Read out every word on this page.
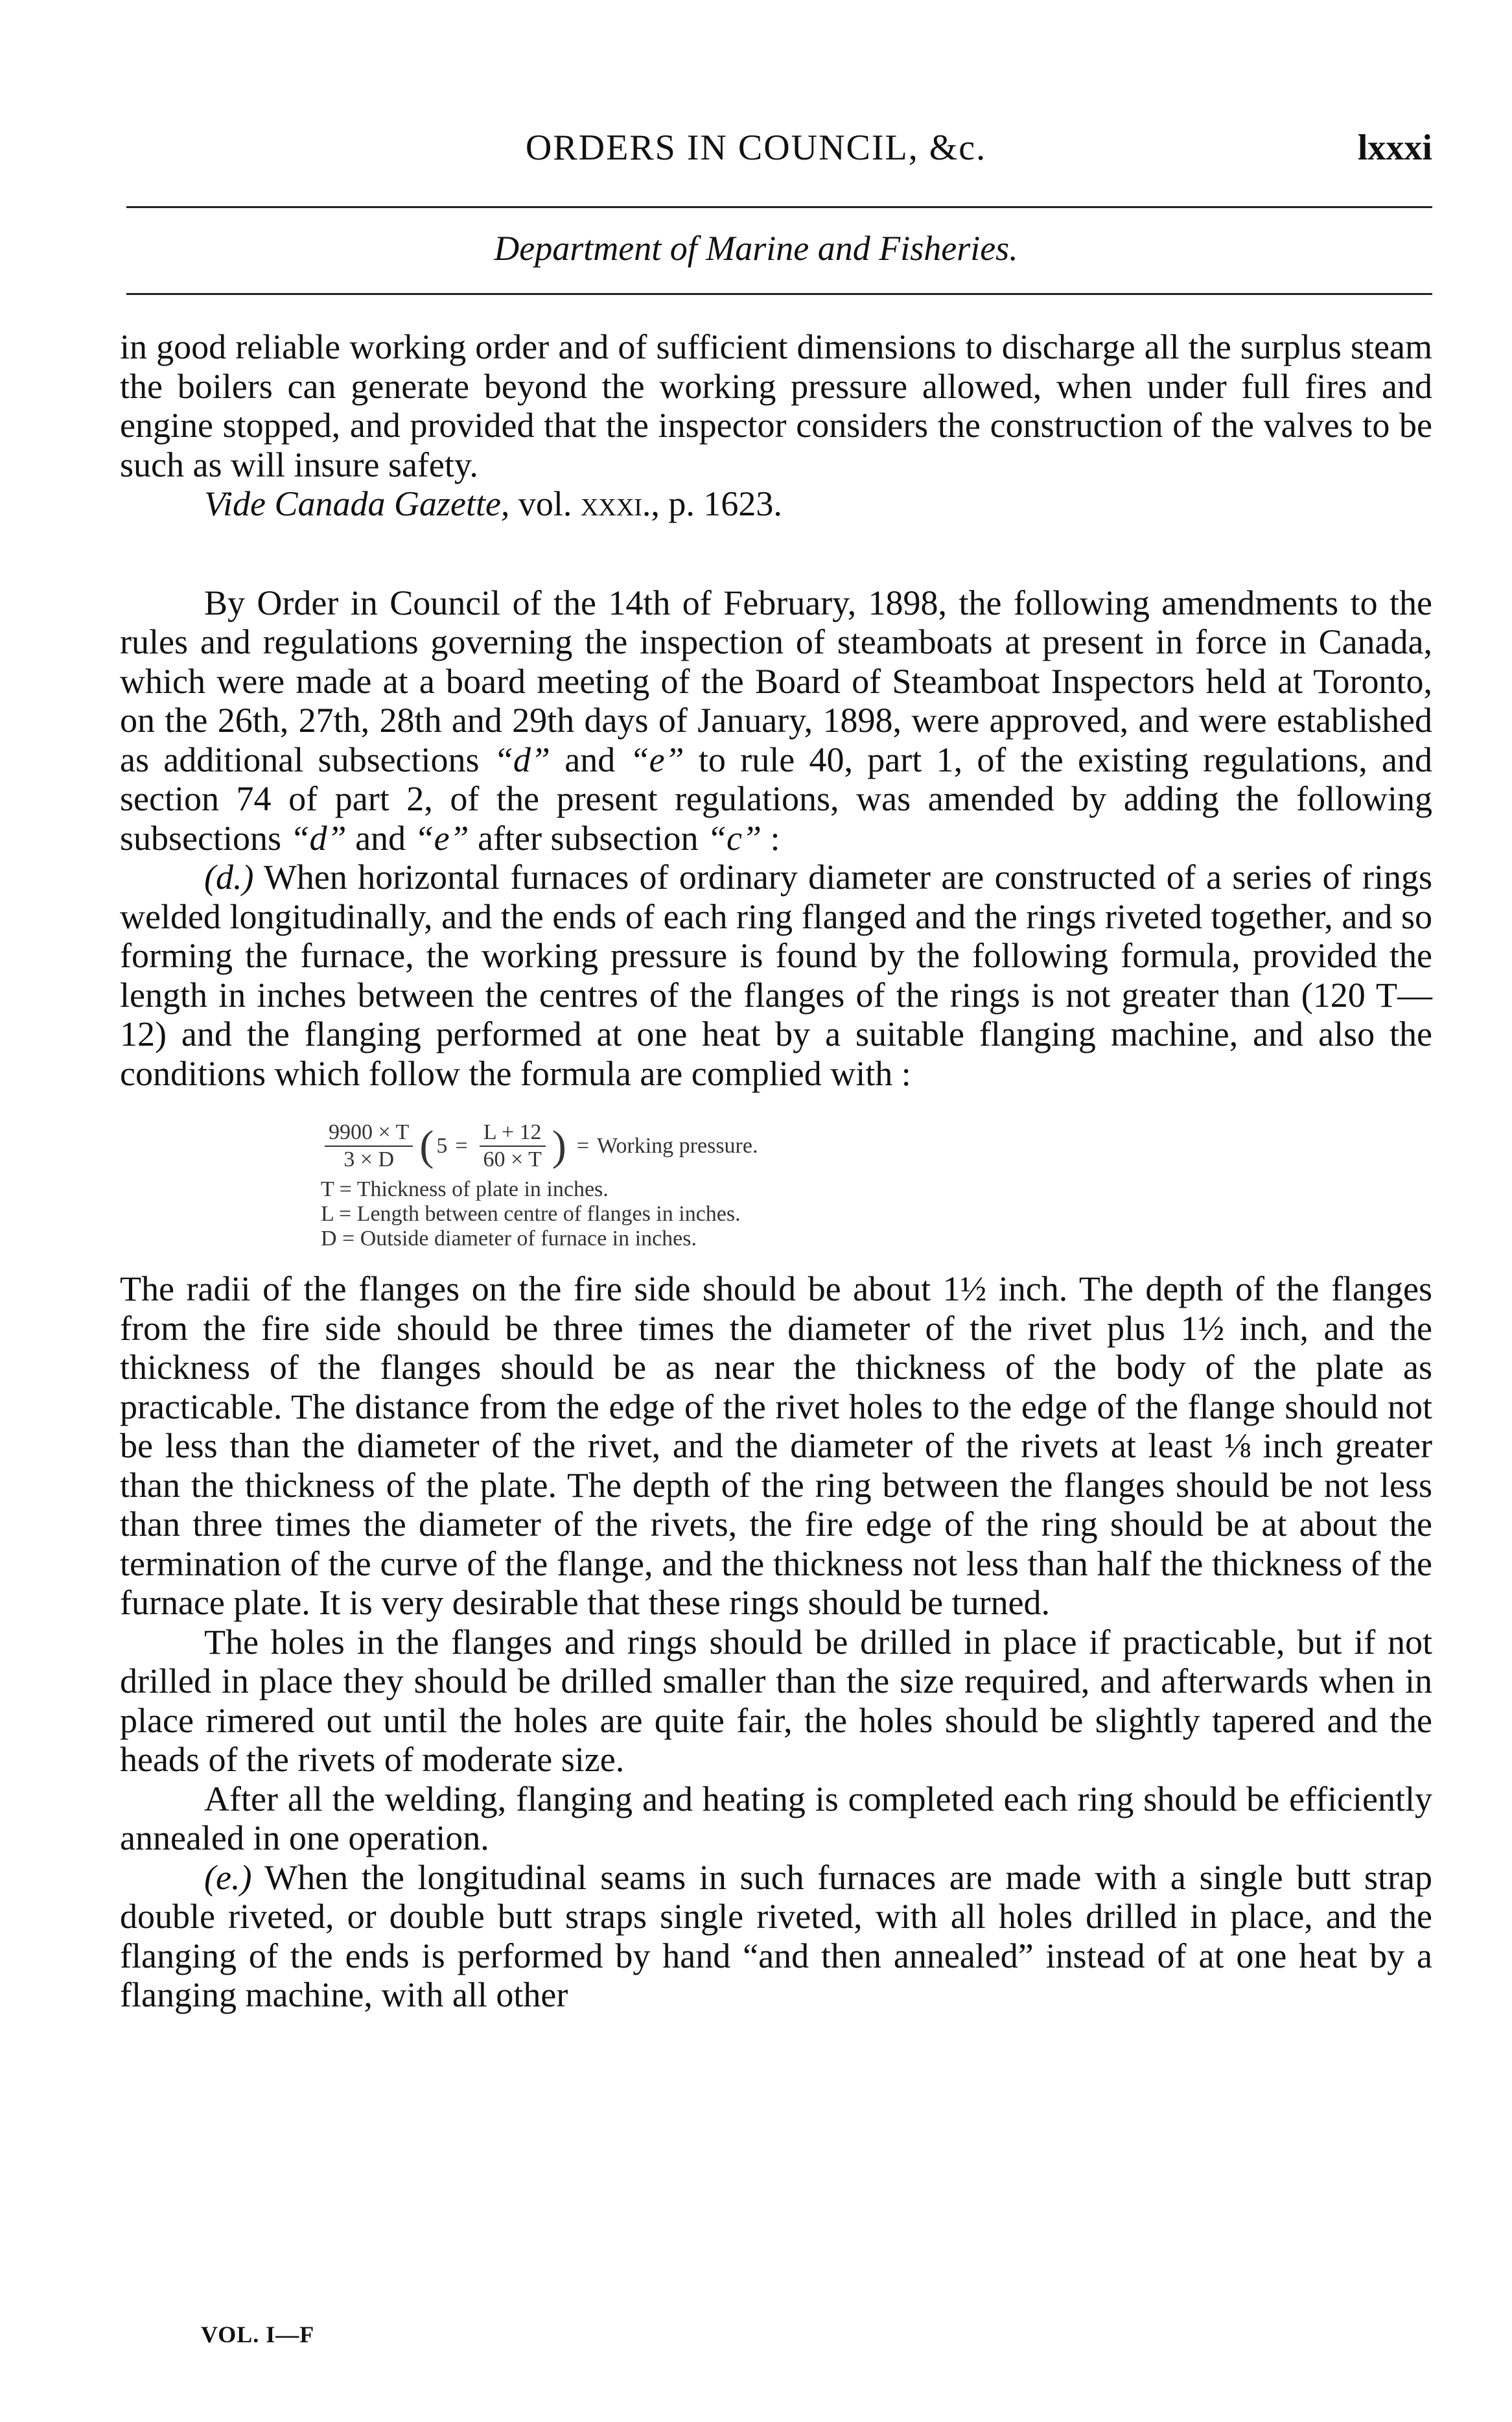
ORDERS IN COUNCIL, &c.	lxxxi
Department of Marine and Fisheries.

in good reliable working order and of sufficient dimensions to discharge all the surplus steam the boilers can generate beyond the working pressure allowed, when under full fires and engine stopped, and provided that the inspector considers the construction of the valves to be such as will insure safety.

Vide Canada Gazette, vol. xxxi., p. 1623.

By Order in Council of the 14th of February, 1898, the following amendments to the rules and regulations governing the inspection of steamboats at present in force in Canada, which were made at a board meeting of the Board of Steamboat Inspectors held at Toronto, on the 26th, 27th, 28th and 29th days of January, 1898, were approved, and were established as additional subsections “d” and “e” to rule 40, part 1, of the existing regulations, and section 74 of part 2, of the present regulations, was amended by adding the following subsections “d” and “e” after subsection “c” :

(d.) When horizontal furnaces of ordinary diameter are constructed of a series of rings welded longitudinally, and the ends of each ring flanged and the rings riveted together, and so forming the furnace, the working pressure is found by the following formula, provided the length in inches between the centres of the flanges of the rings is not greater than (120 T—12) and the flanging performed at one heat by a suitable flanging machine, and also the conditions which follow the formula are complied with :

$\frac{9900 \times T}{3 \times D}$ ( $5 = \frac{L + 12}{60 \times T}$ ) = Working pressure.
T = Thickness of plate in inches.
L = Length between centre of flanges in inches.
D = Outside diameter of furnace in inches.

The radii of the flanges on the fire side should be about 1½ inch. The depth of the flanges from the fire side should be three times the diameter of the rivet plus 1½ inch, and the thickness of the flanges should be as near the thickness of the body of the plate as practicable. The distance from the edge of the rivet holes to the edge of the flange should not be less than the diameter of the rivet, and the diameter of the rivets at least ⅛ inch greater than the thickness of the plate. The depth of the ring between the flanges should be not less than three times the diameter of the rivets, the fire edge of the ring should be at about the termination of the curve of the flange, and the thickness not less than half the thickness of the furnace plate. It is very desirable that these rings should be turned.

The holes in the flanges and rings should be drilled in place if practicable, but if not drilled in place they should be drilled smaller than the size required, and afterwards when in place rimered out until the holes are quite fair, the holes should be slightly tapered and the heads of the rivets of moderate size.

After all the welding, flanging and heating is completed each ring should be efficiently annealed in one operation.

(e.) When the longitudinal seams in such furnaces are made with a single butt strap double riveted, or double butt straps single riveted, with all holes drilled in place, and the flanging of the ends is performed by hand “and then annealed” instead of at one heat by a flanging machine, with all other

VOL. I—F
